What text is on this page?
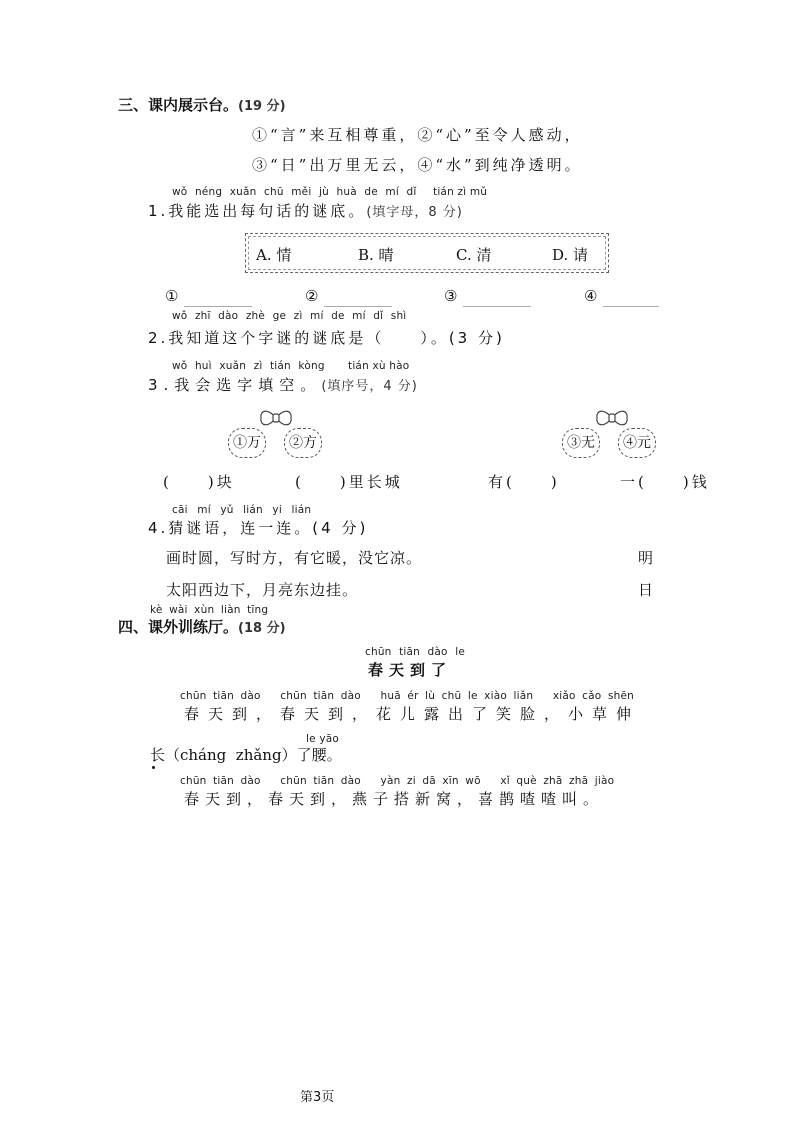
三、课内展示台。(19 分)
①“言”来互相尊重，②“心”至令人感动，
③“日”出万里无云，④“水”到纯净透明。
wǒ néng xuǎn chū měi jù huà de mí dǐ tián zì mǔ
1.我能选出每句话的谜底。(填字母，8 分)
A. 情	B. 晴	C. 清	D. 请
①	②	③	④
wǒ zhī dào zhè ge zì mí de mí dǐ shì
2.我知道这个字谜的谜底是（　　）。(3 分)
wǒ huì xuǎn zì tián kòng tián xù hào
3.我会选字填空。(填序号，4 分)
①万	②方	③无	④元
(　　)块	(　　)里长城	有(　　)	一(　　)钱
cāi mí yǔ lián yi lián
4.猜谜语，连一连。(4 分)
画时圆，写时方，有它暖，没它凉。	明
太阳西边下，月亮东边挂。	日
kè wài xùn liàn tīng
四、课外训练厅。(18 分)
chūn tiān dào le
春天到了
chūn tiān dào   chūn tiān dào   huā ér lù chū le xiào liǎn   xiǎo cǎo shēn
春天到，春天到，花儿露出了笑脸，小草伸
le yāo
长（cháng  zhǎng）了腰。
chūn tiān dào   chūn tiān dào   yàn zi dā xīn wō   xǐ què zhā zhā jiào
春天到，春天到，燕子搭新窝，喜鹊喳喳叫。
第3页
